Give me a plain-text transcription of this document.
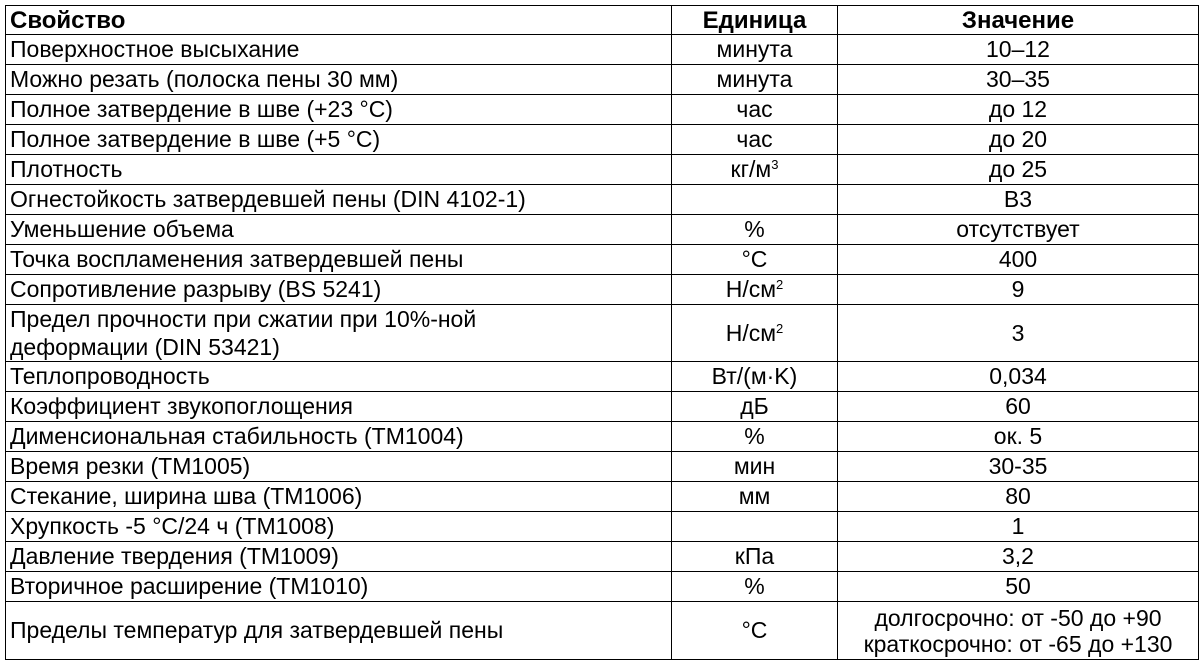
Свойство	Единица	Значение
Поверхностное высыхание	минута	10–12
Можно резать (полоска пены 30 мм)	минута	30–35
Полное затвердение в шве (+23 °C)	час	до 12
Полное затвердение в шве (+5 °C)	час	до 20
Плотность	$кг/м^3$	до 25
Огнестойкость затвердевшей пены (DIN 4102-1)		B3
Уменьшение объема	%	отсутствует
Точка воспламенения затвердевшей пены	°C	400
Сопротивление разрыву (BS 5241)	$Н/см^2$	9

Предел прочности при сжатии при 10%-ной
деформации (DIN 53421)	$Н/см^2$	3
Теплопроводность	Вт/(м·K)	0,034
Коэффициент звукопоглощения	дБ	60
Дименсиональная стабильность (TM1004)	%	ок. 5
Время резки (TM1005)	мин	30-35
Стекание, ширина шва (TM1006)	мм	80
Хрупкость -5 °C/24 ч (TM1008)		1
Давление твердения (TM1009)	кПа	3,2
Вторичное расширение (TM1010)	%	50
Пределы температур для затвердевшей пены	°C	долгосрочно: от -50 до +90
краткосрочно: от -65 до +130
